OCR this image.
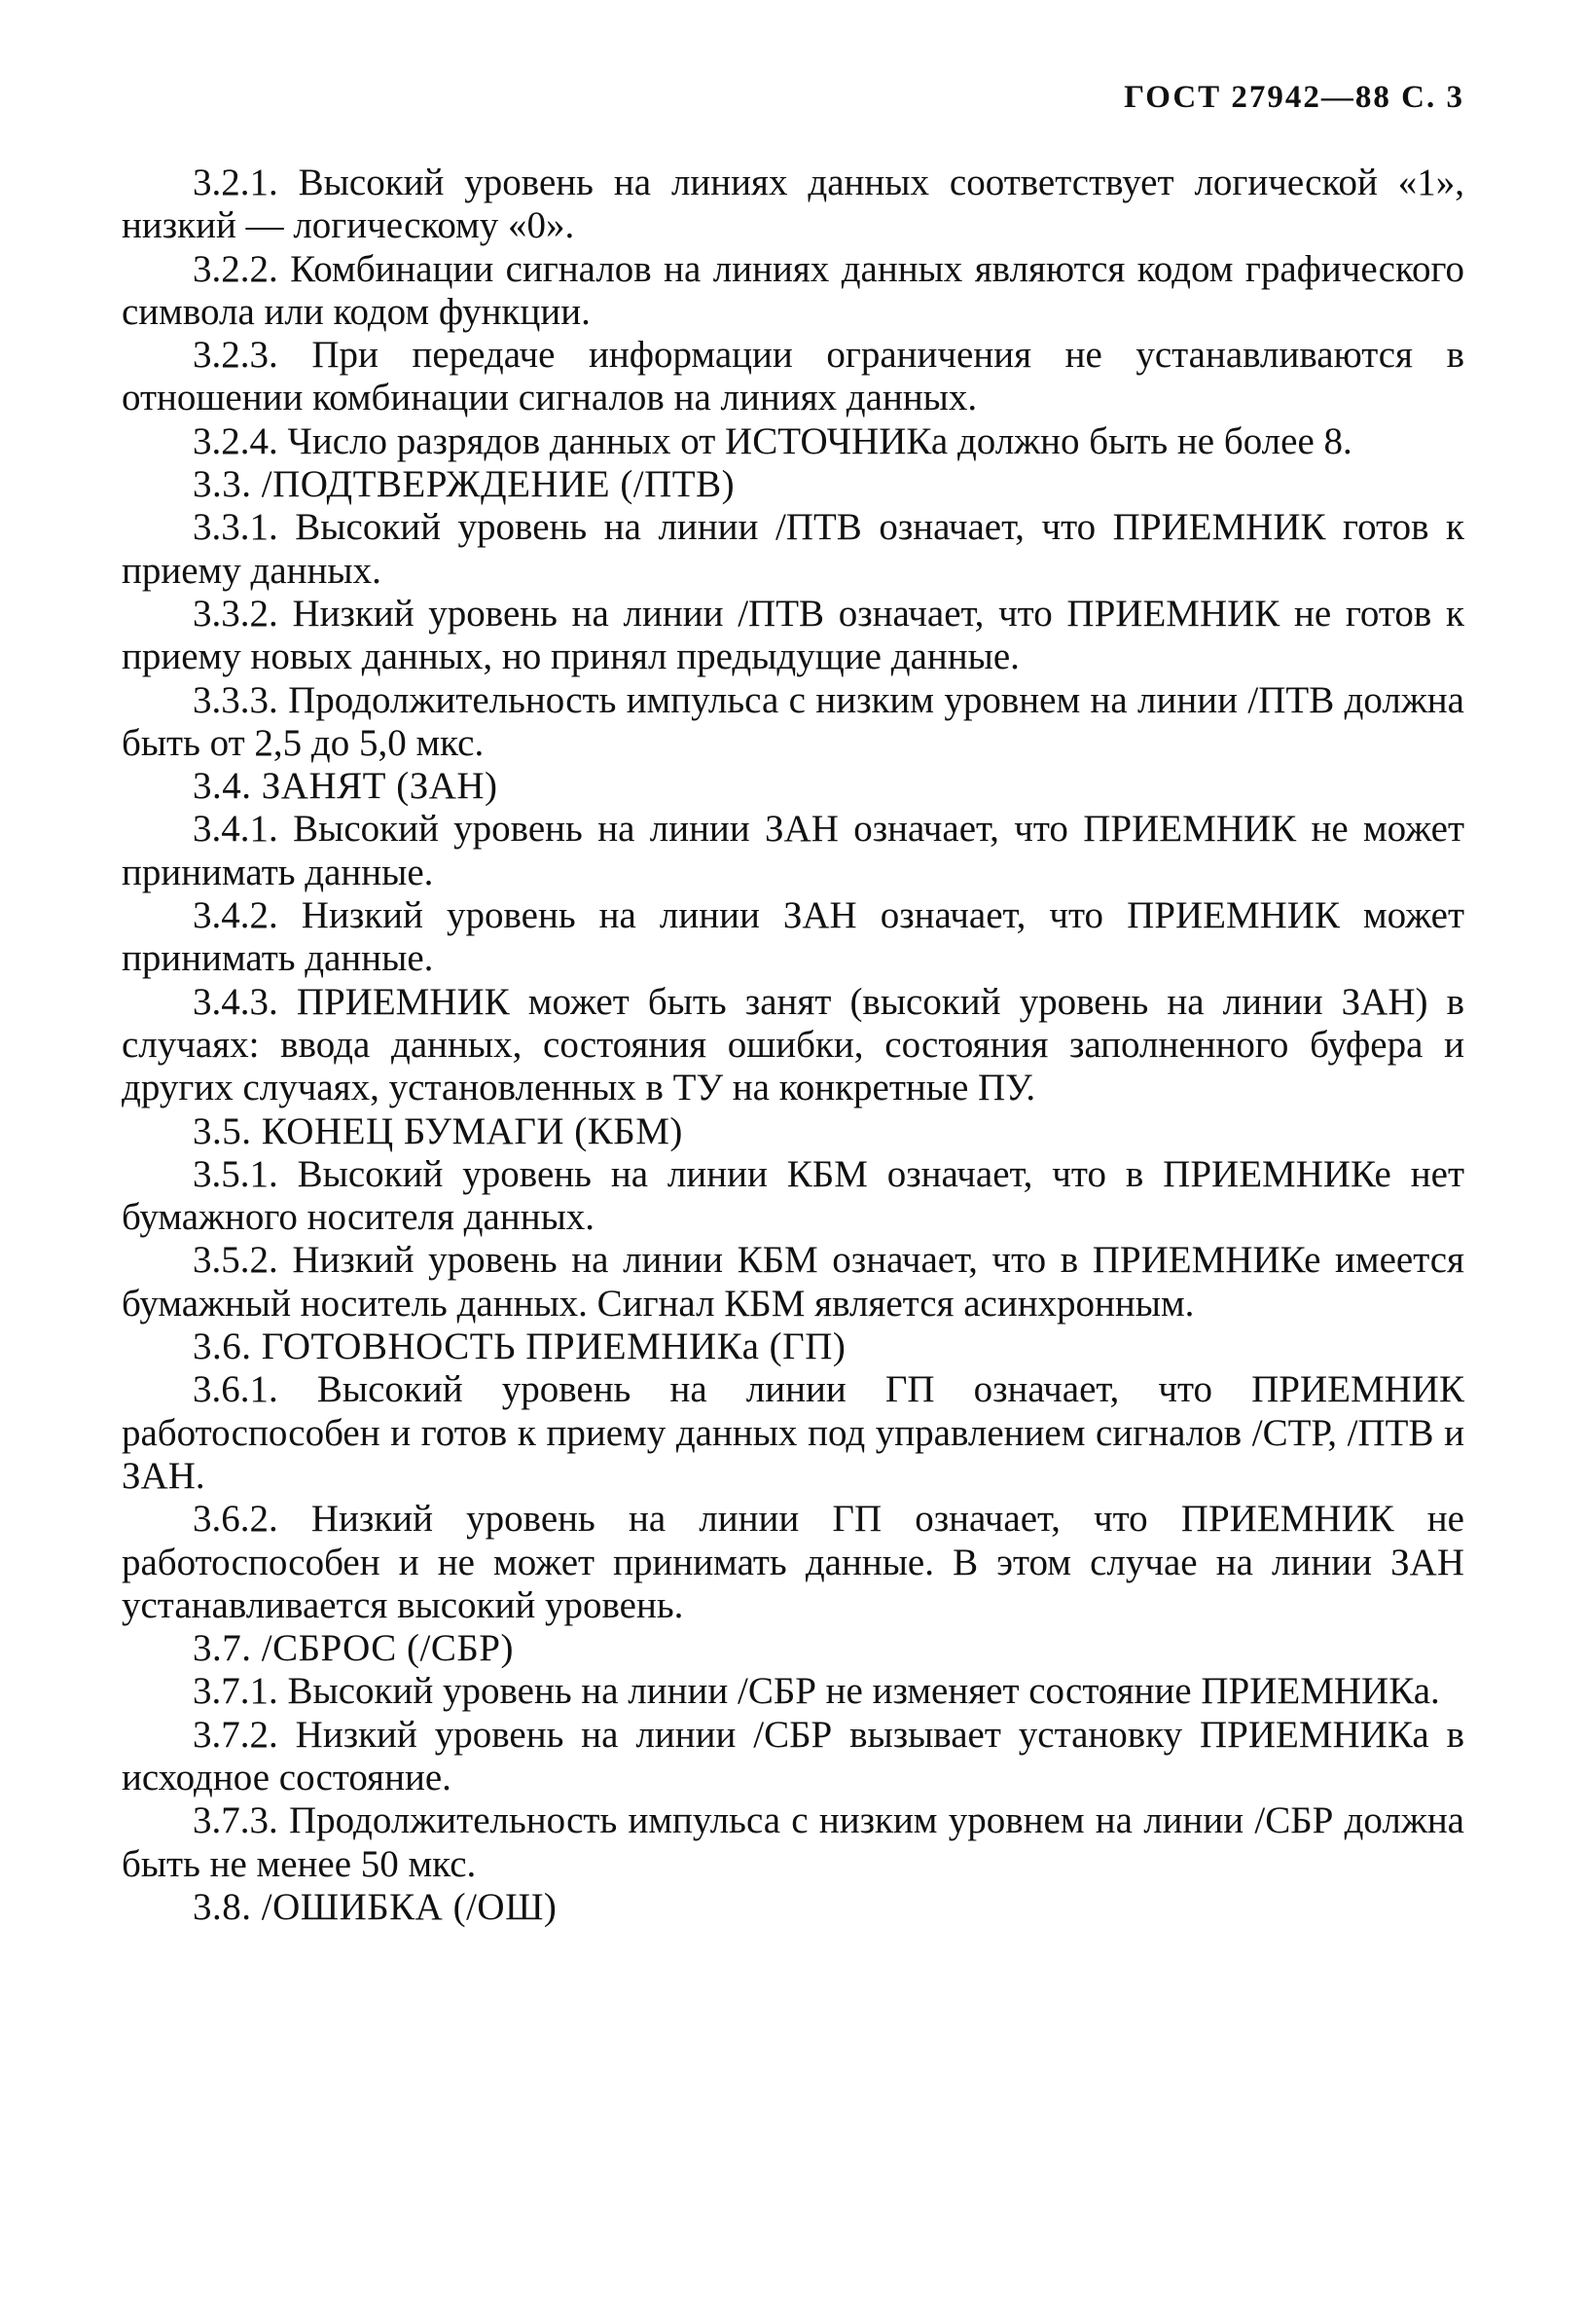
ГОСТ 27942—88 С. 3

3.2.1. Высокий уровень на линиях данных соответствует логической «1», низкий — логическому «0».

3.2.2. Комбинации сигналов на линиях данных являются кодом графического символа или кодом функции.

3.2.3. При передаче информации ограничения не устанавливаются в отношении комбинации сигналов на линиях данных.

3.2.4. Число разрядов данных от ИСТОЧНИКа должно быть не более 8.

3.3. /ПОДТВЕРЖДЕНИЕ (/ПТВ)

3.3.1. Высокий уровень на линии /ПТВ означает, что ПРИЕМНИК готов к приему данных.

3.3.2. Низкий уровень на линии /ПТВ означает, что ПРИЕМНИК не готов к приему новых данных, но принял предыдущие данные.

3.3.3. Продолжительность импульса с низким уровнем на линии /ПТВ должна быть от 2,5 до 5,0 мкс.

3.4. ЗАНЯТ (ЗАН)

3.4.1. Высокий уровень на линии ЗАН означает, что ПРИЕМНИК не может принимать данные.

3.4.2. Низкий уровень на линии ЗАН означает, что ПРИЕМНИК может принимать данные.

3.4.3. ПРИЕМНИК может быть занят (высокий уровень на линии ЗАН) в случаях: ввода данных, состояния ошибки, состояния заполненного буфера и других случаях, установленных в ТУ на конкретные ПУ.

3.5. КОНЕЦ БУМАГИ (КБМ)

3.5.1. Высокий уровень на линии КБМ означает, что в ПРИЕМНИКе нет бумажного носителя данных.

3.5.2. Низкий уровень на линии КБМ означает, что в ПРИЕМНИКе имеется бумажный носитель данных. Сигнал КБМ является асинхронным.

3.6. ГОТОВНОСТЬ ПРИЕМНИКа (ГП)

3.6.1. Высокий уровень на линии ГП означает, что ПРИЕМНИК работоспособен и готов к приему данных под управлением сигналов /СТР, /ПТВ и ЗАН.

3.6.2. Низкий уровень на линии ГП означает, что ПРИЕМНИК не работоспособен и не может принимать данные. В этом случае на линии ЗАН устанавливается высокий уровень.

3.7. /СБРОС (/СБР)

3.7.1. Высокий уровень на линии /СБР не изменяет состояние ПРИЕМНИКа.

3.7.2. Низкий уровень на линии /СБР вызывает установку ПРИЕМНИКа в исходное состояние.

3.7.3. Продолжительность импульса с низким уровнем на линии /СБР должна быть не менее 50 мкс.

3.8. /ОШИБКА (/ОШ)
